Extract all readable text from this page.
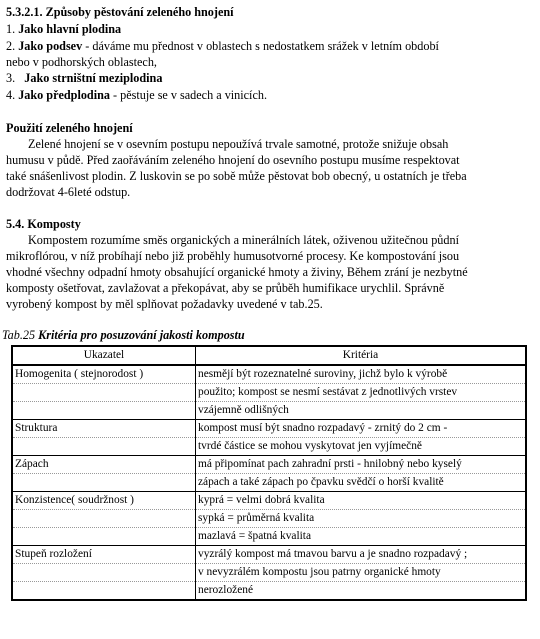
5.3.2.1. Způsoby pěstování zeleného hnojení
1. Jako hlavní plodina
2. Jako podsev - dáváme mu přednost v oblastech s nedostatkem srážek v letním období
nebo v podhorských oblastech,
3. Jako strništní meziplodina
4. Jako předplodina - pěstuje se v sadech a vinicích.
Použití zeleného hnojení
Zelené hnojení se v osevním postupu nepoužívá trvale samotné, protože snižuje obsah
humusu v půdě. Před zaořáváním zeleného hnojení do osevního postupu musíme respektovat
také snášenlivost plodin. Z luskovin se po sobě může pěstovat bob obecný, u ostatních je třeba
dodržovat 4-6leté odstup.
5.4. Komposty
Kompostem rozumíme směs organických a minerálních látek, oživenou užitečnou půdní
mikroflórou, v níž probíhají nebo již proběhly humusotvorné procesy. Ke kompostování jsou
vhodné všechny odpadní hmoty obsahující organické hmoty a živiny, Během zrání je nezbytné
komposty ošetřovat, zavlažovat a překopávat, aby se průběh humifikace urychlil. Správně
vyrobený kompost by měl splňovat požadavky uvedené v tab.25.
Tab.25 Kritéria pro posuzování jakosti kompostu
Ukazatel	Kritéria
Homogenita ( stejnorodost )	nesmějí být rozeznatelné suroviny, jichž bylo k výrobě
	použito; kompost se nesmí sestávat z jednotlivých vrstev
	vzájemně odlišných
Struktura	kompost musí být snadno rozpadavý - zrnitý do 2 cm -
	tvrdé částice se mohou vyskytovat jen vyjímečně
Zápach	má připomínat pach zahradní prsti - hnilobný nebo kyselý
	zápach a také zápach po čpavku svědčí o horší kvalitě
Konzistence( soudržnost )	kyprá = velmi dobrá kvalita
	sypká = průměrná kvalita
	mazlavá = špatná kvalita
Stupeň rozložení	vyzrálý kompost má tmavou barvu a je snadno rozpadavý ;
	v nevyzrálém kompostu jsou patrny organické hmoty
	nerozložené
